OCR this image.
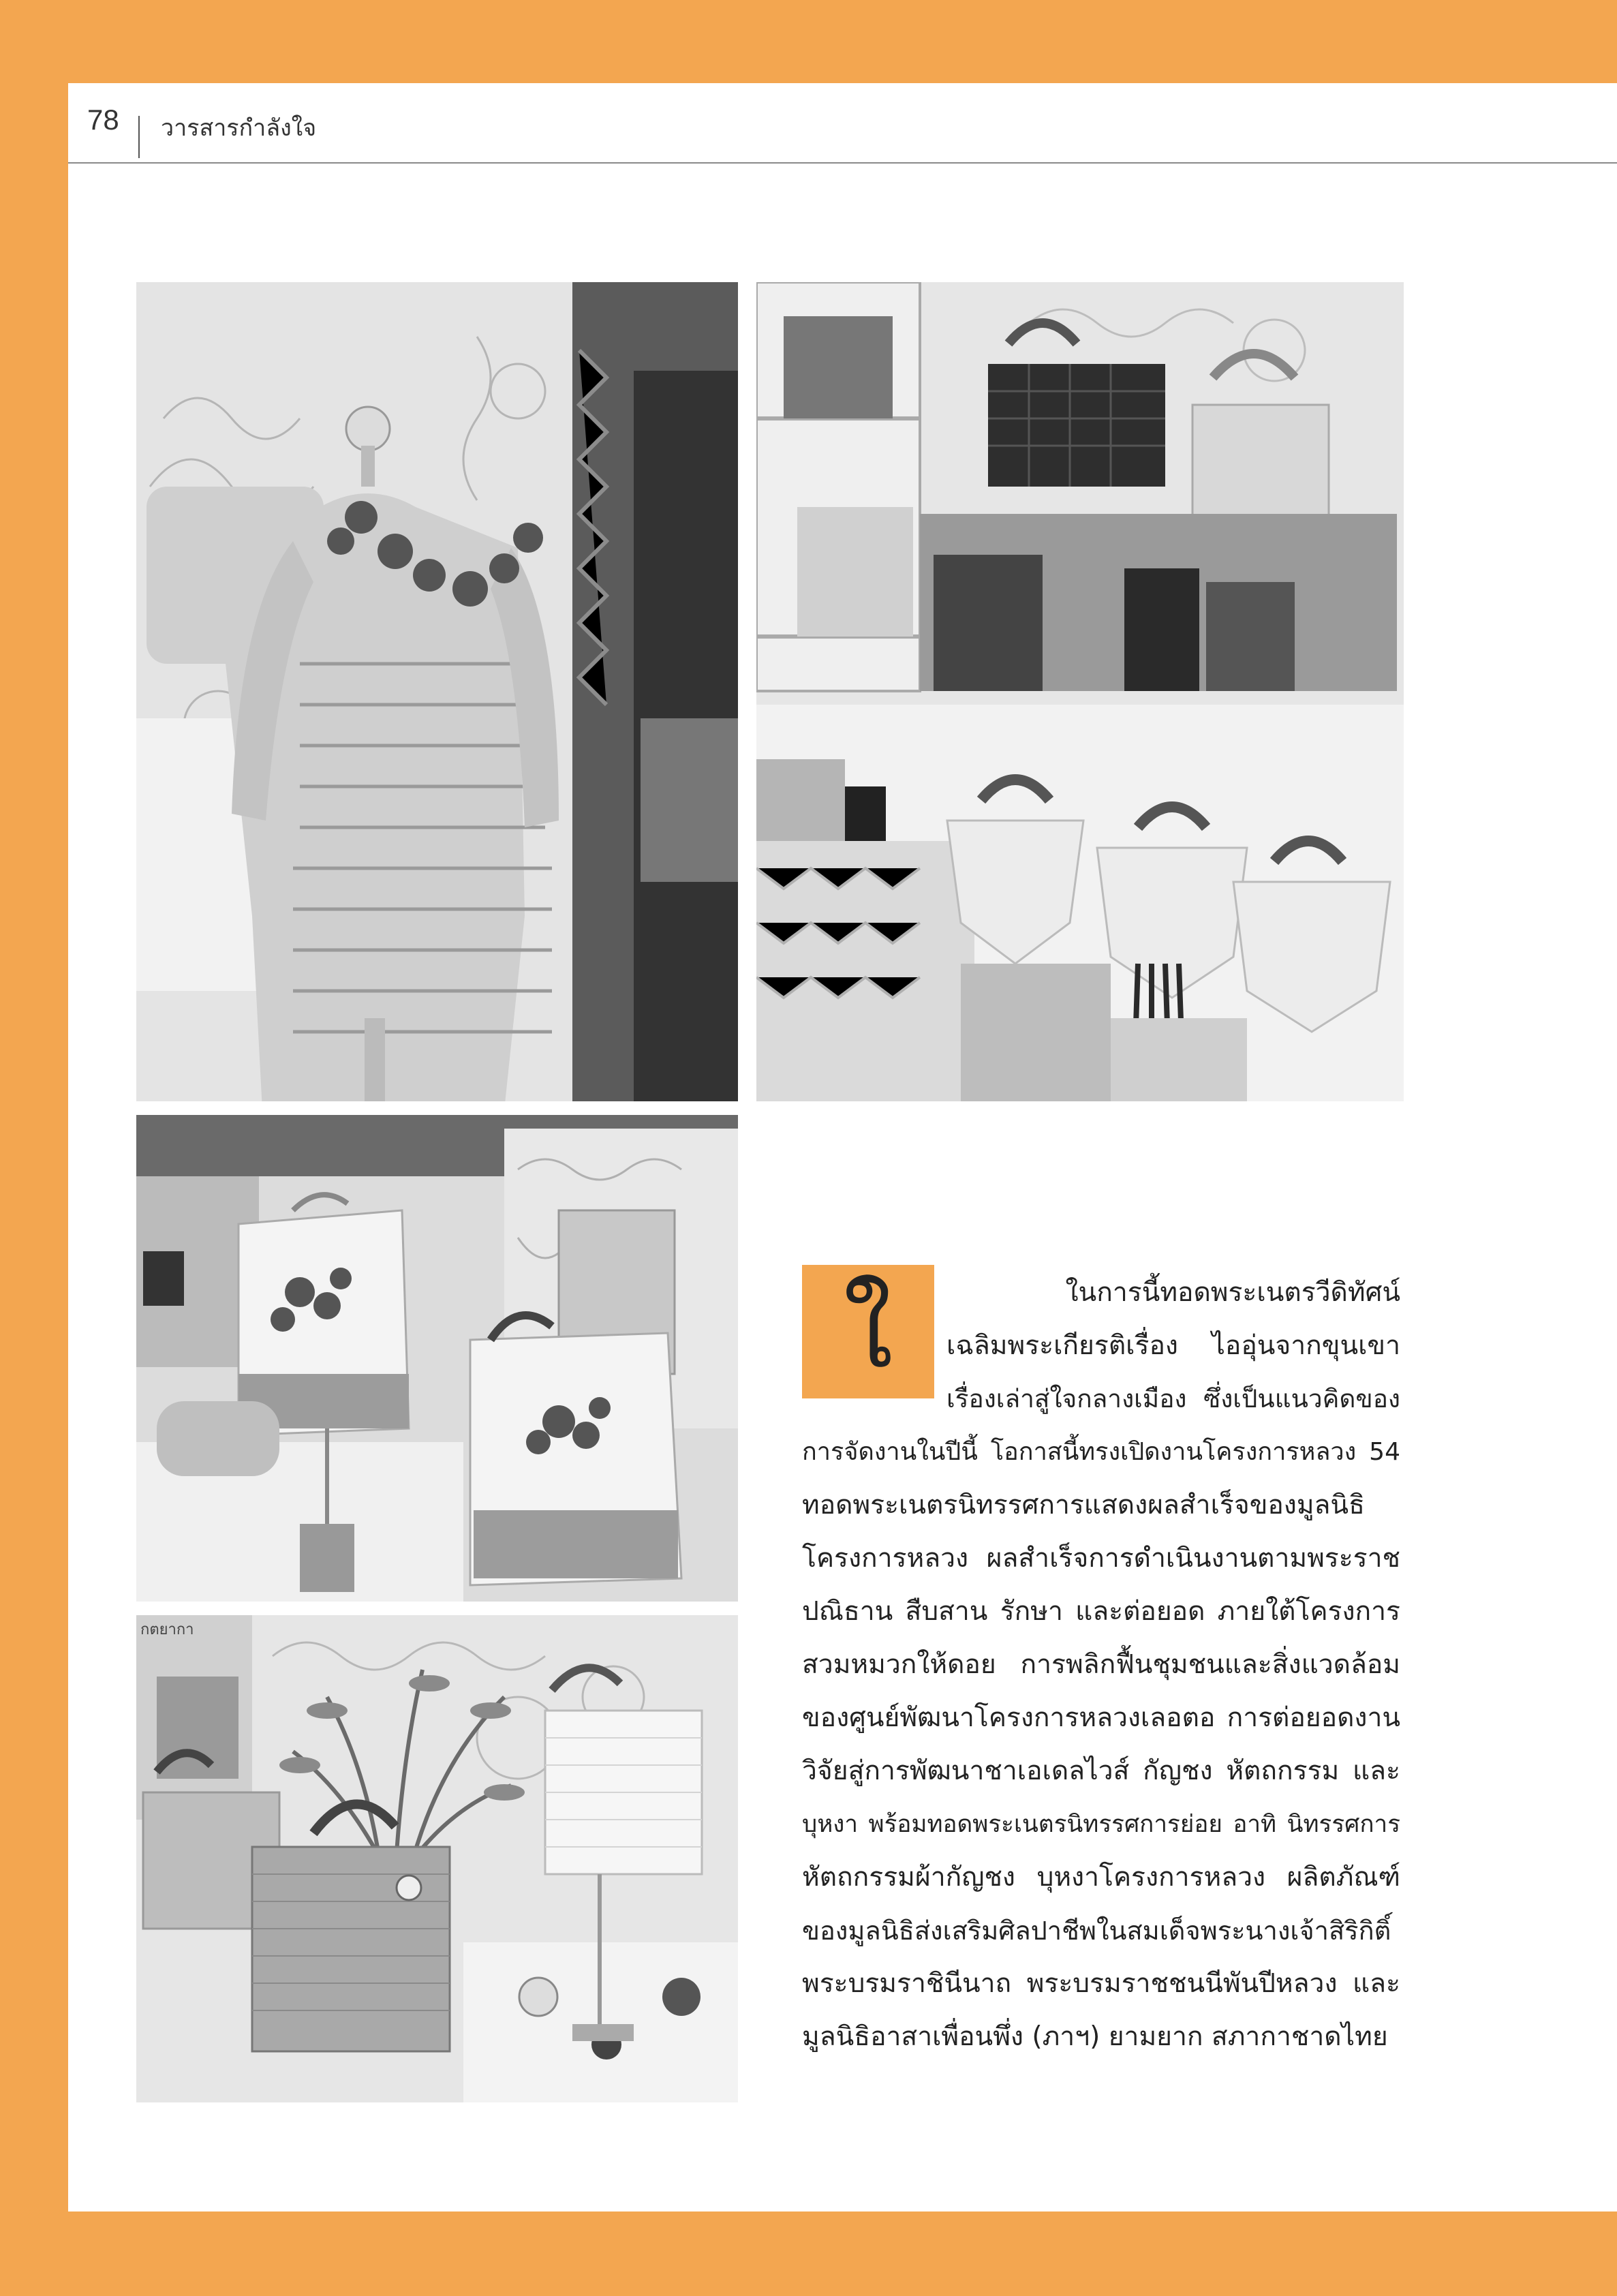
78 วารสารกำลังใจ
กตยากา
ใ	ในการนี้ทอดพระเนตรวีดิทัศน์
เฉลิมพระเกียรติเรื่อง ไออุ่นจากขุนเขา
เรื่องเล่าสู่ใจกลางเมือง ซึ่งเป็นแนวคิดของ
การจัดงานในปีนี้ โอกาสนี้ทรงเปิดงานโครงการหลวง 54
ทอดพระเนตรนิทรรศการแสดงผลสำเร็จของมูลนิธิ
โครงการหลวง ผลสำเร็จการดำเนินงานตามพระราช
ปณิธาน สืบสาน รักษา และต่อยอด ภายใต้โครงการ
สวมหมวกให้ดอย การพลิกฟื้นชุมชนและสิ่งแวดล้อม
ของศูนย์พัฒนาโครงการหลวงเลอตอ การต่อยอดงาน
วิจัยสู่การพัฒนาชาเอเดลไวส์ กัญชง หัตถกรรม และ
บุหงา พร้อมทอดพระเนตรนิทรรศการย่อย อาทิ นิทรรศการ
หัตถกรรมผ้ากัญชง บุหงาโครงการหลวง ผลิตภัณฑ์
ของมูลนิธิส่งเสริมศิลปาชีพในสมเด็จพระนางเจ้าสิริกิติ์
พระบรมราชินีนาถ พระบรมราชชนนีพันปีหลวง และ
มูลนิธิอาสาเพื่อนพึ่ง (ภาฯ) ยามยาก สภากาชาดไทย
